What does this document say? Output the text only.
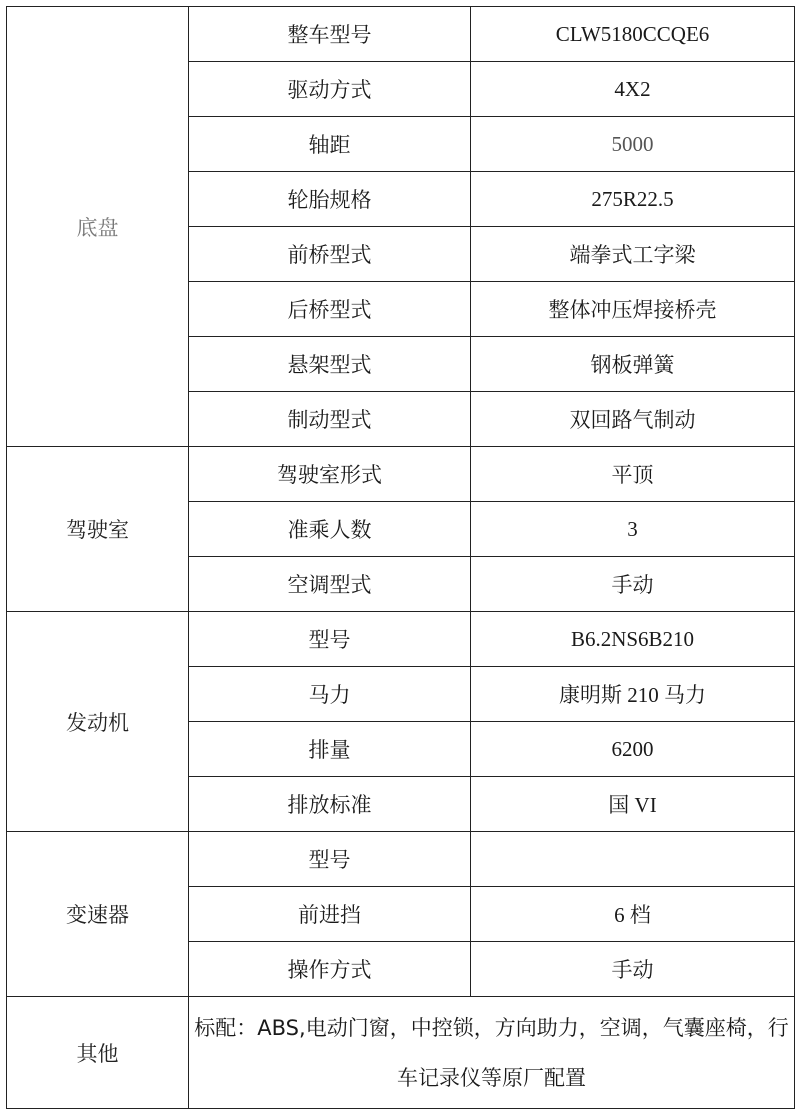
底盘	整车型号	CLW5180CCQE6
	驱动方式	4X2
	轴距	5000
	轮胎规格	275R22.5
	前桥型式	端拳式工字梁
	后桥型式	整体冲压焊接桥壳
	悬架型式	钢板弹簧
	制动型式	双回路气制动
驾驶室	驾驶室形式	平顶
	准乘人数	3
	空调型式	手动
发动机	型号	B6.2NS6B210
	马力	康明斯 210 马力
	排量	6200
	排放标准	国 VI
变速器	型号	
	前进挡	6 档
	操作方式	手动
其他	标配：ABS,电动门窗，中控锁，方向助力，空调，气囊座椅，行车记录仪等原厂配置	
